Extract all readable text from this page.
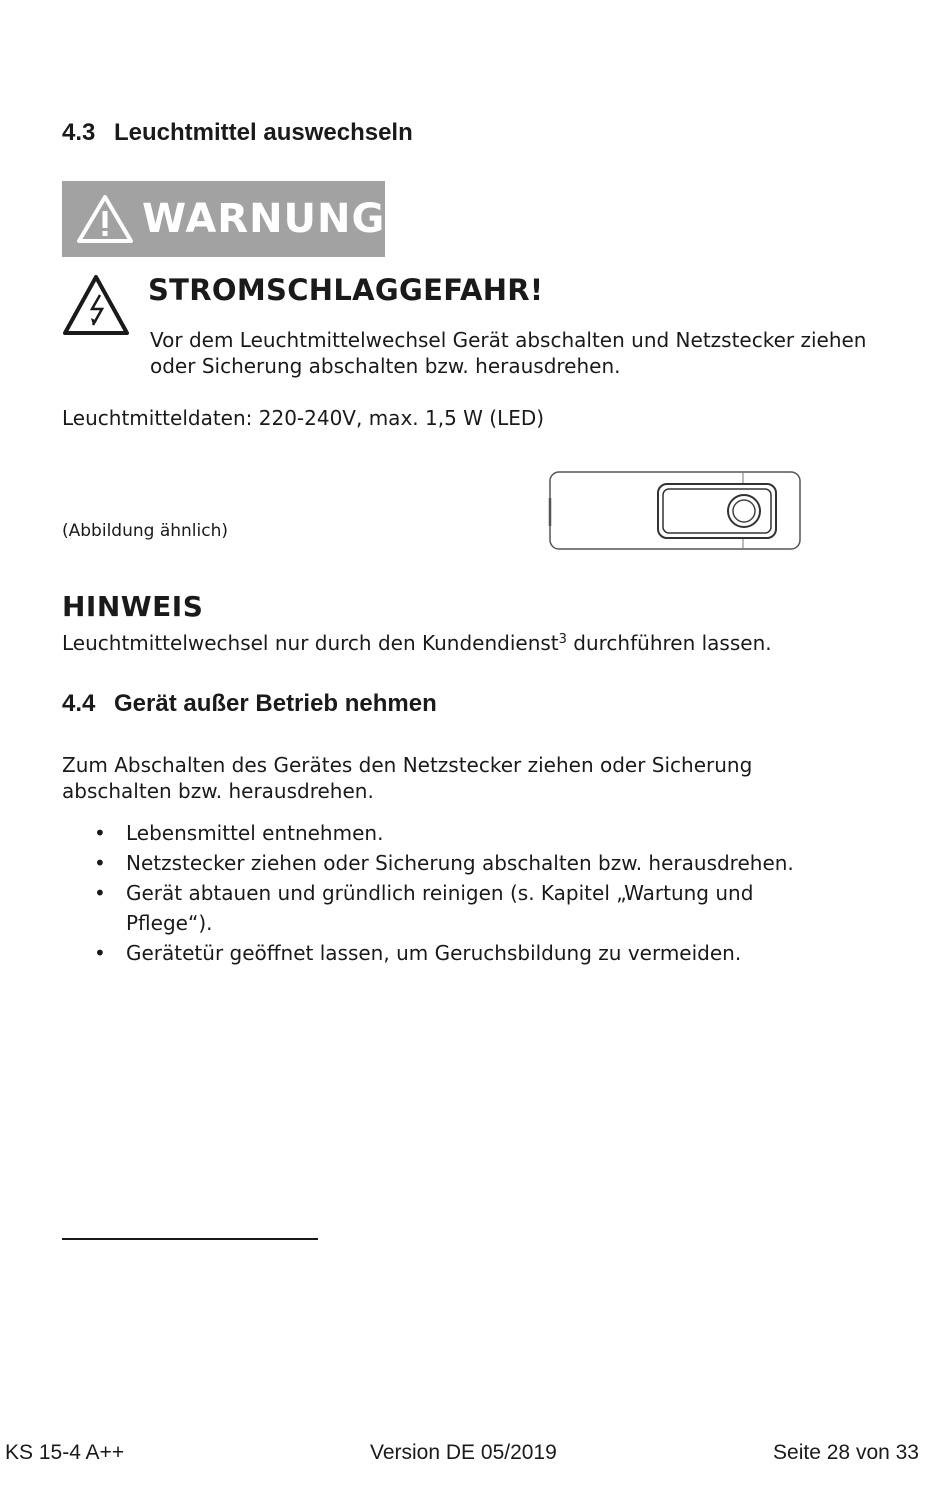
4.3 Leuchtmittel auswechseln
WARNUNG
STROMSCHLAGGEFAHR!
Vor dem Leuchtmittelwechsel Gerät abschalten und Netzstecker ziehen oder Sicherung abschalten bzw. herausdrehen.
Leuchtmitteldaten: 220-240V, max. 1,5 W (LED)
(Abbildung ähnlich)
HINWEIS
Leuchtmittelwechsel nur durch den Kundendienst$^3$ durchführen lassen.
4.4 Gerät außer Betrieb nehmen
Zum Abschalten des Gerätes den Netzstecker ziehen oder Sicherung abschalten bzw. herausdrehen.
•	Lebensmittel entnehmen.
•	Netzstecker ziehen oder Sicherung abschalten bzw. herausdrehen.
•	Gerät abtauen und gründlich reinigen (s. Kapitel „Wartung und Pflege“).
•	Gerätetür geöffnet lassen, um Geruchsbildung zu vermeiden.
KS 15-4 A++	Version DE 05/2019	Seite 28 von 33
